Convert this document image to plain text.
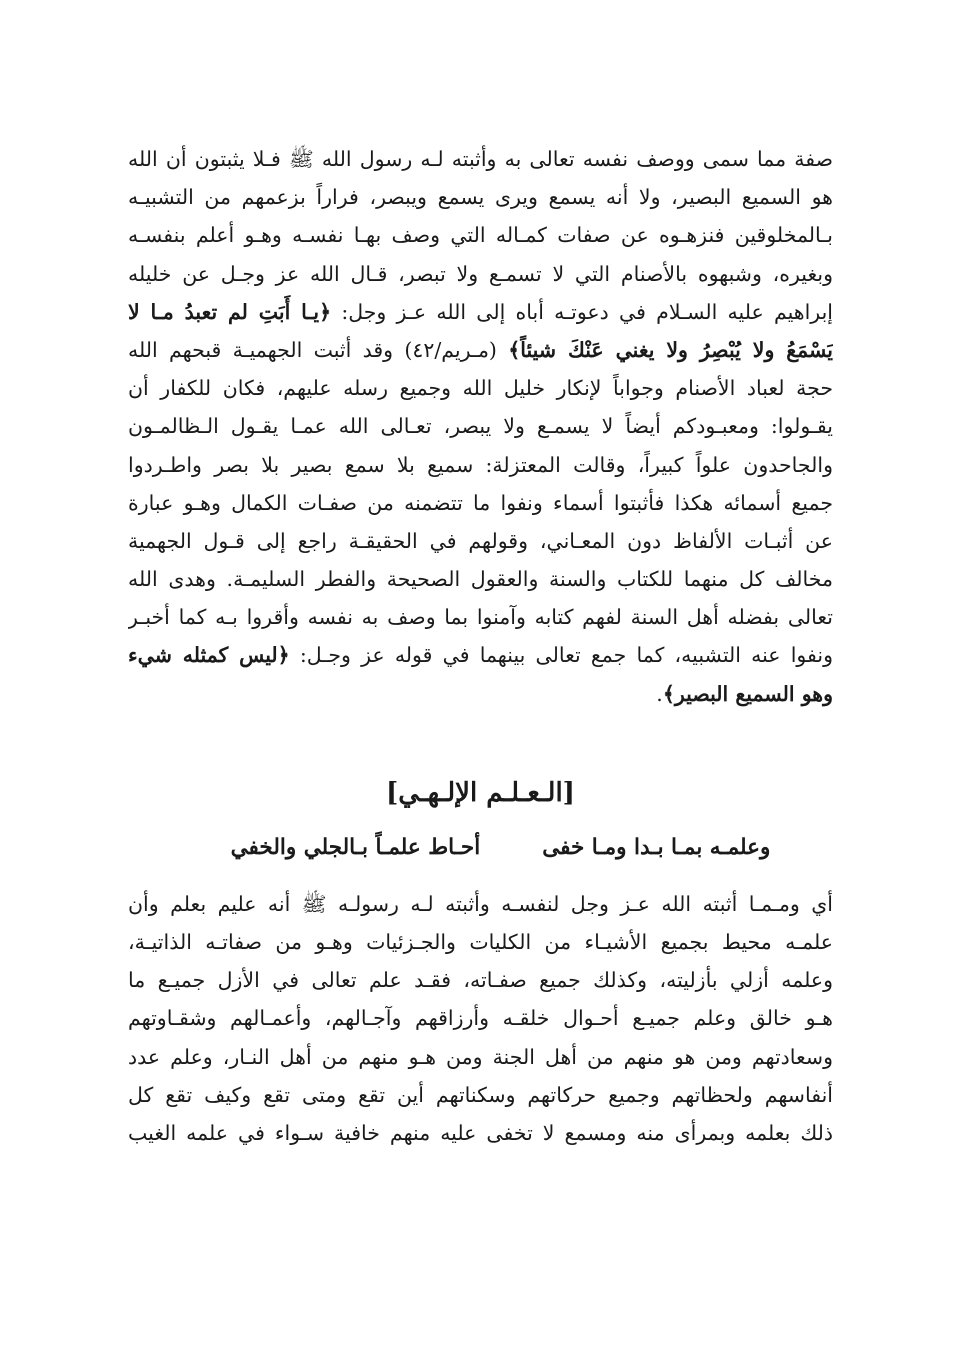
صفة مما سمى ووصف نفسه تعالى به وأثبته لـه رسول الله ﷺ فـلا يثبتون أن الله
هو السميع البصير، ولا أنه يسمع ويرى يسمع ويبصر، فراراً بزعمهم من التشبيـه
بـالمخلوقين فنزهـوه عن صفات كمـاله التي وصف بهـا نفسـه وهـو أعلم بنفسـه
وبغيره، وشبهوه بالأصنام التي لا تسمـع ولا تبصر، قـال الله عز وجـل عن خليله
إبراهيم عليه السـلام في دعوتـه أباه إلى الله عـز وجل: ﴿يـا أَبَتِ لم تعبدُ مـا لا
يَسْمَعُ ولا يُبْصِرُ ولا يغني عَنْكَ شيئاً﴾ (مـريم/٤٢) وقد أثبت الجهميـة قبحهم الله
حجة لعباد الأصنام وجواباً لإنكار خليل الله وجميع رسله عليهم، فكان للكفار أن
يقـولوا: ومعبـودكم أيضاً لا يسمـع ولا يبصر، تعـالى الله عمـا يقـول الـظالمـون
والجاحدون علواً كبيراً، وقالت المعتزلة: سميع بلا سمع بصير بلا بصر واطـردوا
جميع أسمائه هكذا فأثبتوا أسماء ونفوا ما تتضمنه من صفـات الكمال وهـو عبارة
عن أثبـات الألفاظ دون المعـاني، وقولهم في الحقيقـة راجع إلى قـول الجهمية
مخالف كل منهما للكتاب والسنة والعقول الصحيحة والفطر السليمـة. وهدى الله
تعالى بفضله أهل السنة لفهم كتابه وآمنوا بما وصف به نفسه وأقروا بـه كما أخبـر
ونفوا عنه التشبيه، كما جمع تعالى بينهما في قوله عز وجـل: ﴿ليس كمثله شيء
وهو السميع البصير﴾.
[الـعـلـم الإلـهـي]
وعلمـه بمـا بـدا ومـا خفى
أحـاط علمـاً بـالجلي والخفي
أي ومـمـا أثبته الله عـز وجل لنفسـه وأثبته لـه رسولـه ﷺ أنه عليم بعلم وأن
علمـه محيط بجميع الأشيـاء من الكليات والجـزئيات وهـو من صفاتـه الذاتيـة،
وعلمه أزلي بأزليته، وكذلك جميع صفـاته، فقـد علم تعالى في الأزل جميـع ما
هـو خالق وعلم جميـع أحـوال خلقـه وأرزاقهم وآجـالهم، وأعمـالهم وشقـاوتهم
وسعادتهم ومن هو منهم من أهل الجنة ومن هـو منهم من أهل النـار، وعلم عدد
أنفاسهم ولحظاتهم وجميع حركاتهم وسكناتهم أين تقع ومتى تقع وكيف تقع كل
ذلك بعلمه وبمرأى منه ومسمع لا تخفى عليه منهم خافية سـواء في علمه الغيب
